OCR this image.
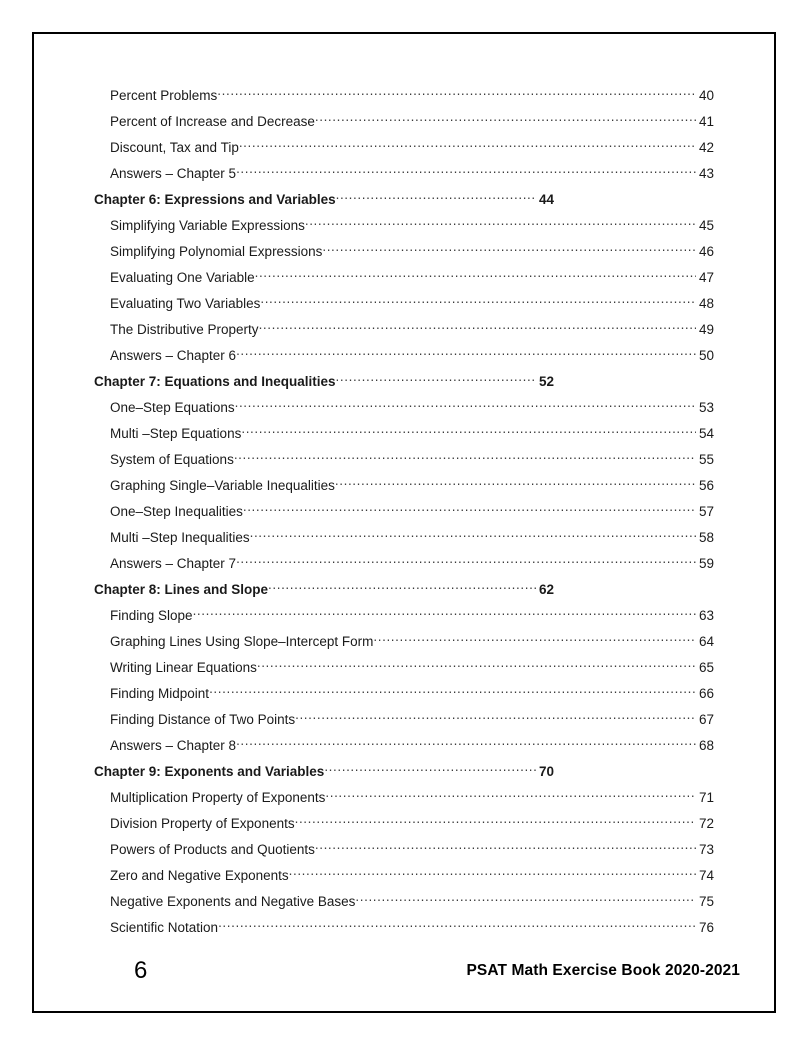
Percent Problems .....	40
Percent of Increase and Decrease .....	41
Discount, Tax and Tip .....	42
Answers – Chapter 5 .....	43
Chapter 6: Expressions and Variables .....	44
Simplifying Variable Expressions .....	45
Simplifying Polynomial Expressions .....	46
Evaluating One Variable .....	47
Evaluating Two Variables .....	48
The Distributive Property .....	49
Answers – Chapter 6 .....	50
Chapter 7: Equations and Inequalities .....	52
One–Step Equations .....	53
Multi –Step Equations .....	54
System of Equations .....	55
Graphing Single–Variable Inequalities .....	56
One–Step Inequalities .....	57
Multi –Step Inequalities .....	58
Answers – Chapter 7 .....	59
Chapter 8: Lines and Slope .....	62
Finding Slope .....	63
Graphing Lines Using Slope–Intercept Form .....	64
Writing Linear Equations .....	65
Finding Midpoint .....	66
Finding Distance of Two Points .....	67
Answers – Chapter 8 .....	68
Chapter 9: Exponents and Variables .....	70
Multiplication Property of Exponents .....	71
Division Property of Exponents .....	72
Powers of Products and Quotients .....	73
Zero and Negative Exponents .....	74
Negative Exponents and Negative Bases .....	75
Scientific Notation .....	76
6	PSAT Math Exercise Book 2020-2021
